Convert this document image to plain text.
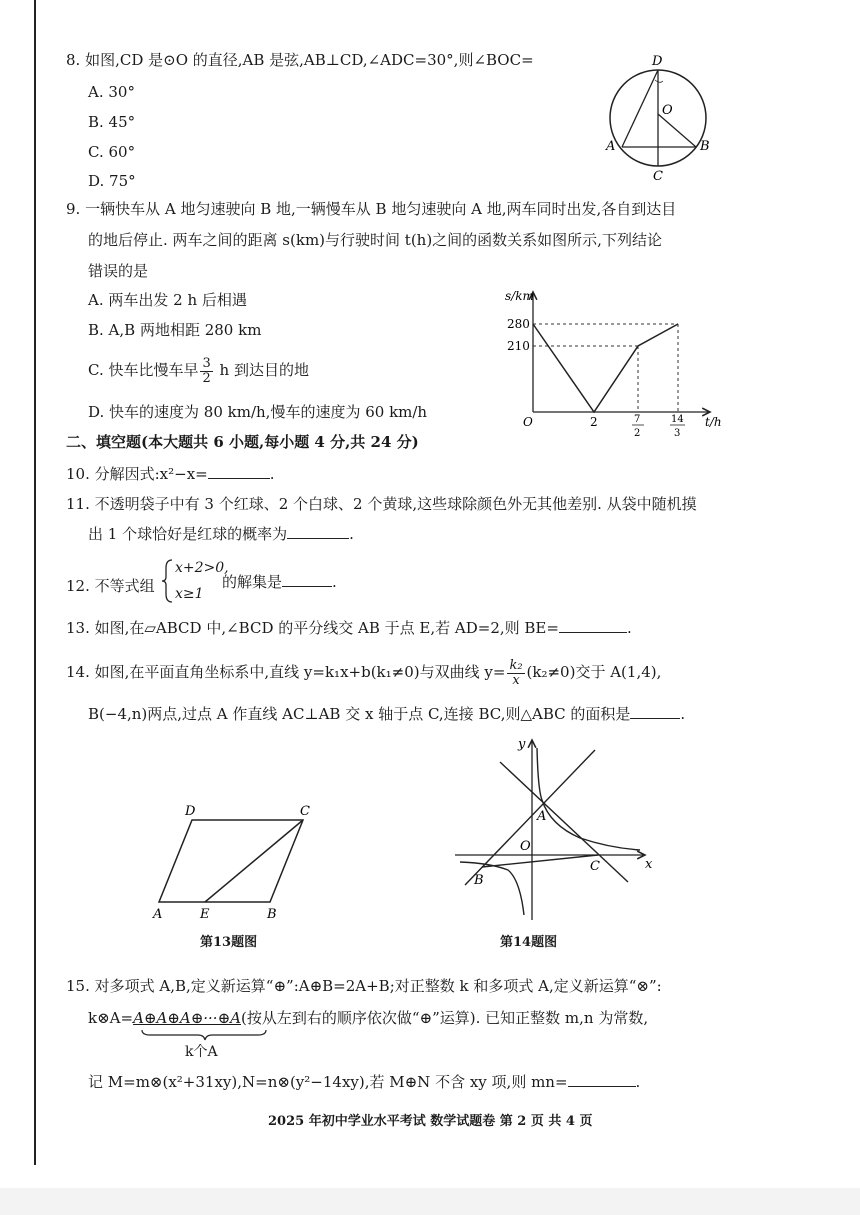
8. 如图,CD 是⊙O 的直径,AB 是弦,AB⊥CD,∠ADC=30°,则∠BOC=
A. 30°
B. 45°
C. 60°
D. 75°
D
O
A	B
C
9. 一辆快车从 A 地匀速驶向 B 地,一辆慢车从 B 地匀速驶向 A 地,两车同时出发,各自到达目
的地后停止. 两车之间的距离 s(km)与行驶时间 t(h)之间的函数关系如图所示,下列结论
错误的是
A. 两车出发 2 h 后相遇
B. A,B 两地相距 280 km
C. 快车比慢车早 $\frac{3}{2}$ h 到达目的地
D. 快车的速度为 80 km/h,慢车的速度为 60 km/h
s/km
t/h
O
280
210
2	7
2
14
3
二、填空题(本大题共 6 小题,每小题 4 分,共 24 分)
10. 分解因式:x²−x=	.
11. 不透明袋子中有 3 个红球、2 个白球、2 个黄球,这些球除颜色外无其他差别. 从袋中随机摸
出 1 个球恰好是红球的概率为	.
12. 不等式组
x+2>0,
x≥1
的解集是	.
13. 如图,在▱ABCD 中,∠BCD 的平分线交 AB 于点 E,若 AD=2,则 BE=	.
14. 如图,在平面直角坐标系中,直线 y=k₁x+b(k₁≠0)与双曲线 $y= \frac{\text{k₂}}{x} (k_2\ne 0)$交于 A(1,4),
B(−4,n)两点,过点 A 作直线 AC⊥AB 交 x 轴于点 C,连接 BC,则△ABC 的面积是	.
D	C
A	E	B
第13题图
y
x
O
A
B
C
第14题图
15. 对多项式 A,B,定义新运算“⊕”:A⊕B=2A+B;对正整数 k 和多项式 A,定义新运算“⊗”:
k⊗A=A⊕A⊕A⊕···⊕A(按从左到右的顺序依次做“⊕”运算). 已知正整数 m,n 为常数,
k个A
记 M=m⊗(x²+31xy),N=n⊗(y²−14xy),若 M⊕N 不含 xy 项,则 mn=	.
2025 年初中学业水平考试 数学试题卷 第 2 页 共 4 页
